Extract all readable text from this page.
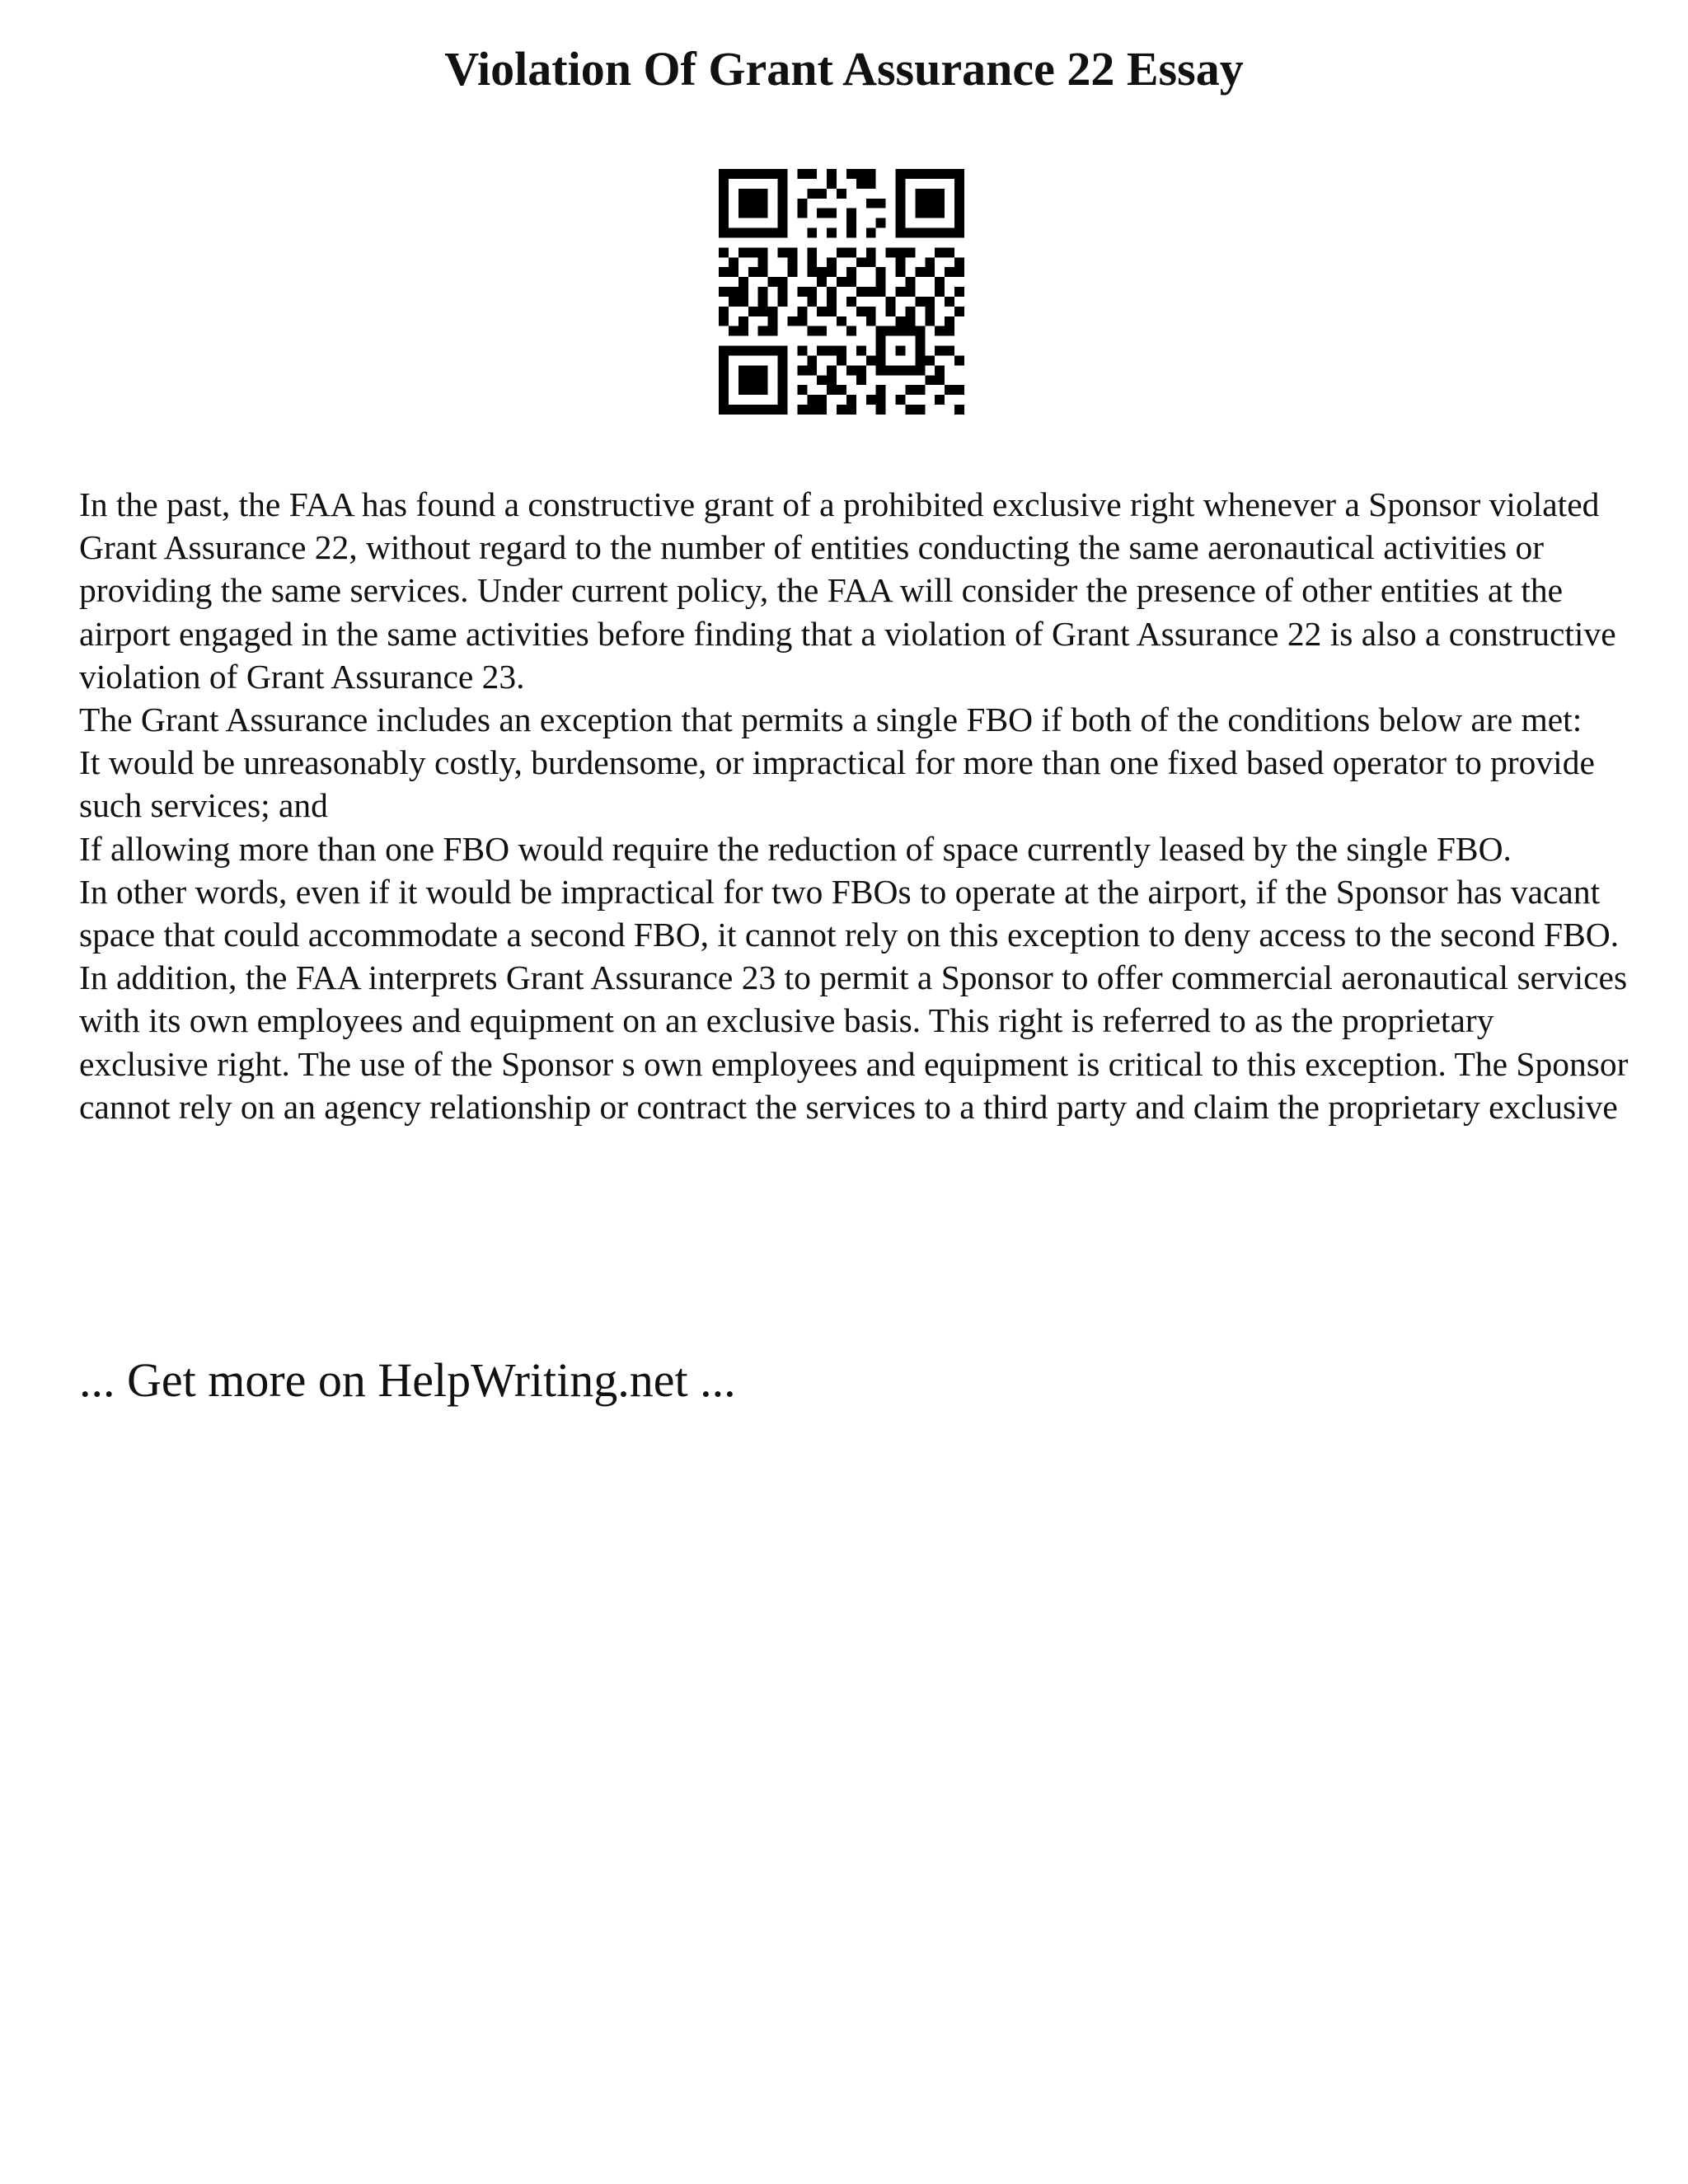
Violation Of Grant Assurance 22 Essay

In the past, the FAA has found a constructive grant of a prohibited exclusive right whenever a Sponsor violated Grant Assurance 22, without regard to the number of entities conducting the same aeronautical activities or providing the same services. Under current policy, the FAA will consider the presence of other entities at the airport engaged in the same activities before finding that a violation of Grant Assurance 22 is also a constructive violation of Grant Assurance 23.

The Grant Assurance includes an exception that permits a single FBO if both of the conditions below are met:

It would be unreasonably costly, burdensome, or impractical for more than one fixed based operator to provide such services; and

If allowing more than one FBO would require the reduction of space currently leased by the single FBO.

In other words, even if it would be impractical for two FBOs to operate at the airport, if the Sponsor has vacant space that could accommodate a second FBO, it cannot rely on this exception to deny access to the second FBO.

In addition, the FAA interprets Grant Assurance 23 to permit a Sponsor to offer commercial aeronautical services with its own employees and equipment on an exclusive basis. This right is referred to as the proprietary exclusive right. The use of the Sponsor s own employees and equipment is critical to this exception. The Sponsor cannot rely on an agency relationship or contract the services to a third party and claim the proprietary exclusive

... Get more on HelpWriting.net ...
